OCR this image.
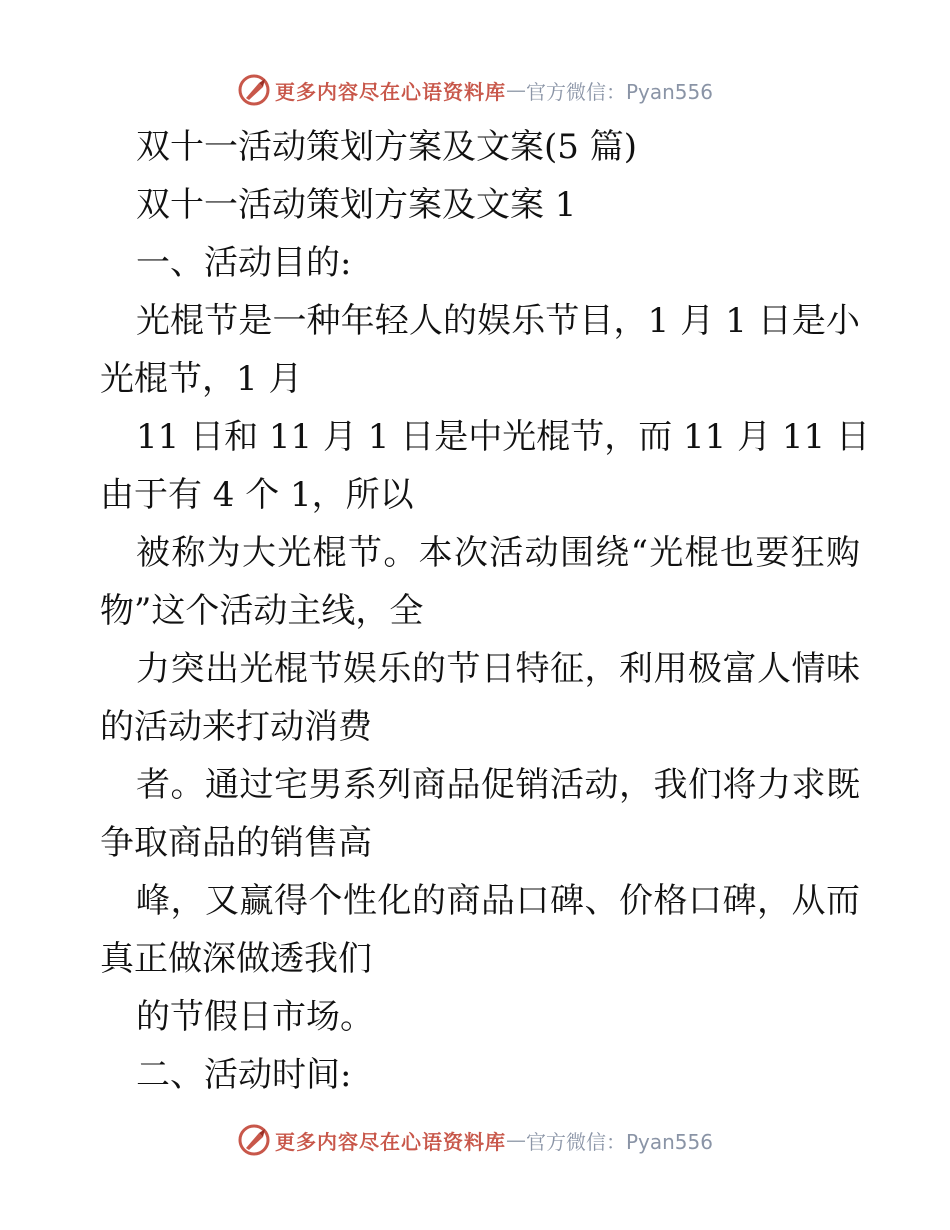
更多内容尽在心语资料库 — 官方微信：Pyan556
双十一活动策划方案及文案(5 篇)
双十一活动策划方案及文案 1
一、活动目的:
光棍节是一种年轻人的娱乐节目，1 月 1 日是小
光棍节，1 月
11 日和 11 月 1 日是中光棍节，而 11 月 11 日
由于有 4 个 1，所以
被称为大光棍节。本次活动围绕“光棍也要狂购
物”这个活动主线，全
力突出光棍节娱乐的节日特征，利用极富人情味
的活动来打动消费
者。通过宅男系列商品促销活动，我们将力求既
争取商品的销售高
峰，又赢得个性化的商品口碑、价格口碑，从而
真正做深做透我们
的节假日市场。
二、活动时间:
更多内容尽在心语资料库 — 官方微信：Pyan556
